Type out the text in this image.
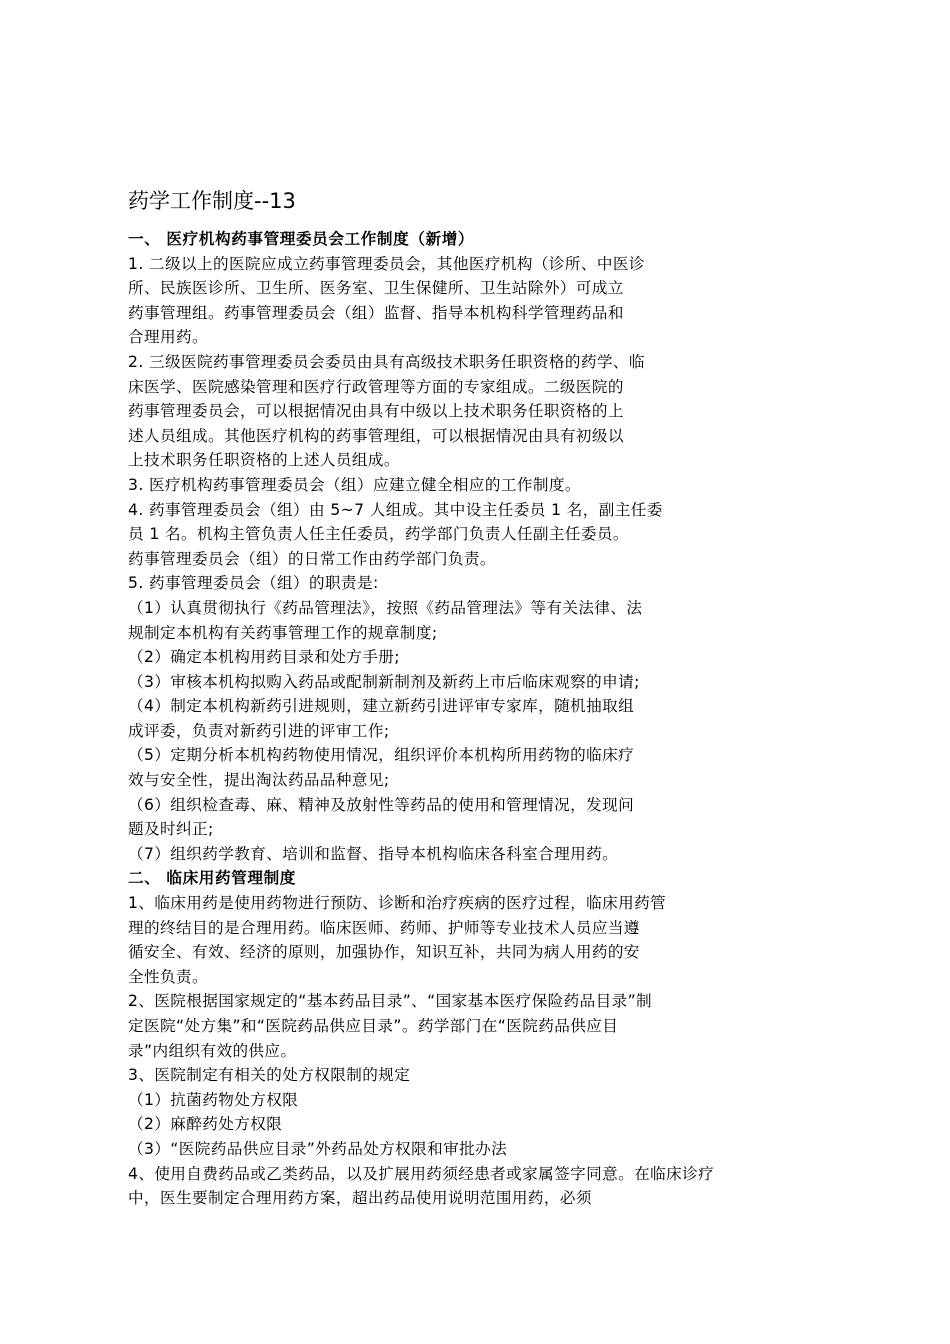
药学工作制度--13
一、 医疗机构药事管理委员会工作制度（新增）
1. 二级以上的医院应成立药事管理委员会，其他医疗机构（诊所、中医诊
所、民族医诊所、卫生所、医务室、卫生保健所、卫生站除外）可成立
药事管理组。药事管理委员会（组）监督、指导本机构科学管理药品和
合理用药。
2. 三级医院药事管理委员会委员由具有高级技术职务任职资格的药学、临
床医学、医院感染管理和医疗行政管理等方面的专家组成。二级医院的
药事管理委员会，可以根据情况由具有中级以上技术职务任职资格的上
述人员组成。其他医疗机构的药事管理组，可以根据情况由具有初级以
上技术职务任职资格的上述人员组成。
3. 医疗机构药事管理委员会（组）应建立健全相应的工作制度。
4. 药事管理委员会（组）由 5~7 人组成。其中设主任委员 1 名，副主任委
员 1 名。机构主管负责人任主任委员，药学部门负责人任副主任委员。
药事管理委员会（组）的日常工作由药学部门负责。
5. 药事管理委员会（组）的职责是:
（1）认真贯彻执行《药品管理法》，按照《药品管理法》等有关法律、法
规制定本机构有关药事管理工作的规章制度;
（2）确定本机构用药目录和处方手册;
（3）审核本机构拟购入药品或配制新制剂及新药上市后临床观察的申请;
（4）制定本机构新药引进规则，建立新药引进评审专家库，随机抽取组
成评委，负责对新药引进的评审工作;
（5）定期分析本机构药物使用情况，组织评价本机构所用药物的临床疗
效与安全性，提出淘汰药品品种意见;
（6）组织检查毒、麻、精神及放射性等药品的使用和管理情况，发现问
题及时纠正;
（7）组织药学教育、培训和监督、指导本机构临床各科室合理用药。
二、 临床用药管理制度
1、临床用药是使用药物进行预防、诊断和治疗疾病的医疗过程，临床用药管
理的终结目的是合理用药。临床医师、药师、护师等专业技术人员应当遵
循安全、有效、经济的原则，加强协作，知识互补，共同为病人用药的安
全性负责。
2、医院根据国家规定的“基本药品目录”、“国家基本医疗保险药品目录”制
定医院“处方集”和“医院药品供应目录”。药学部门在“医院药品供应目
录”内组织有效的供应。
3、医院制定有相关的处方权限制的规定
（1）抗菌药物处方权限
（2）麻醉药处方权限
（3）“医院药品供应目录”外药品处方权限和审批办法
4、使用自费药品或乙类药品，以及扩展用药须经患者或家属签字同意。在临床诊疗
中，医生要制定合理用药方案，超出药品使用说明范围用药，必须
